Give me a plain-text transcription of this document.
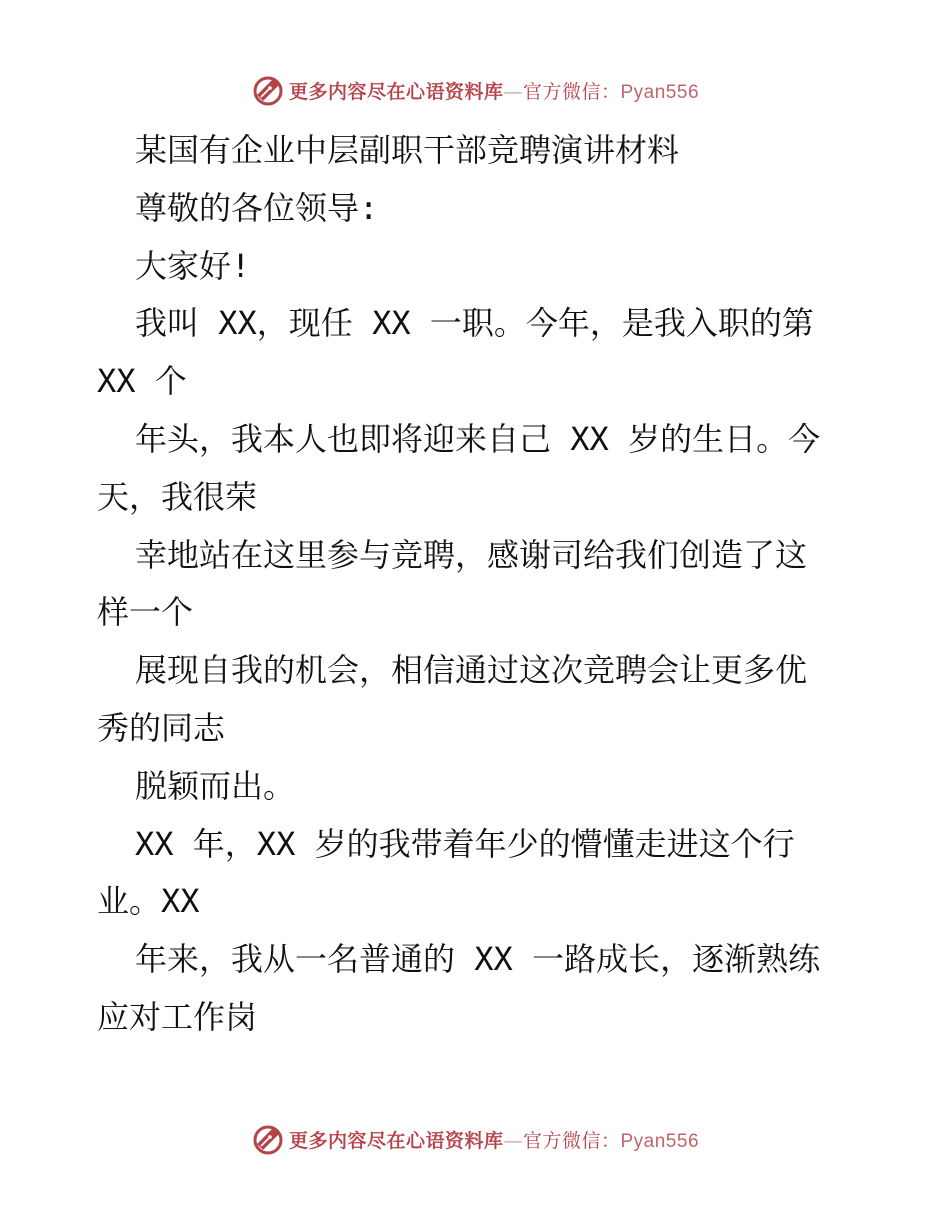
更多内容尽在心语资料库—官方微信：Pyan556
某国有企业中层副职干部竞聘演讲材料
尊敬的各位领导:
大家好!
我叫 XX，现任 XX 一职。今年，是我入职的第
XX 个
年头，我本人也即将迎来自己 XX 岁的生日。今
天，我很荣
幸地站在这里参与竞聘，感谢司给我们创造了这
样一个
展现自我的机会，相信通过这次竞聘会让更多优
秀的同志
脱颖而出。
XX 年，XX 岁的我带着年少的懵懂走进这个行
业。XX
年来，我从一名普通的 XX 一路成长，逐渐熟练
应对工作岗
更多内容尽在心语资料库—官方微信：Pyan556
